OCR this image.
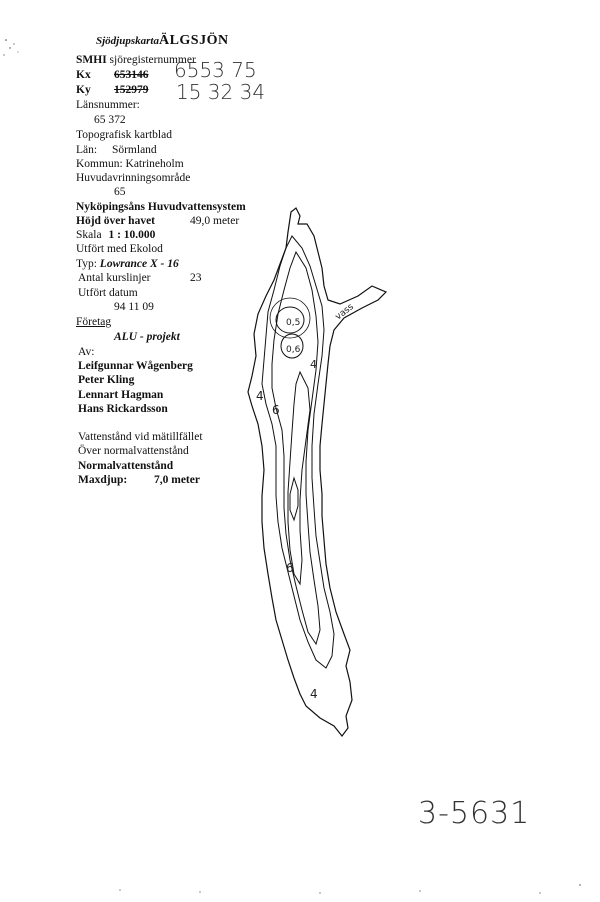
SjödjupskartaÄLGSJÖN
SMHI sjöregisternummer
Kx 653146 6553 75
Ky 152979 15 32 34
Länsnummer:
65 372
Topografisk kartblad
Län: Sörmland
Kommun: Katrineholm
Huvudavrinningsområde
65
Nyköpingsåns Huvudvattensystem
Höjd över havet	49,0 meter
Skala 1 : 10.000
Utfört med Ekolod
Typ: Lowrance X - 16
Antal kurslinjer	23
Utfört datum
94 11 09
Företag
ALU - projekt
Av:
Leifgunnar Wågenberg
Peter Kling
Lennart Hagman
Hans Rickardsson
Vattenstånd vid mätillfället
Över normalvattenstånd
Normalvattenstånd
Maxdjup: 7,0 meter
0,5
0,6
4
6
4
6
4
vass
3-5631
